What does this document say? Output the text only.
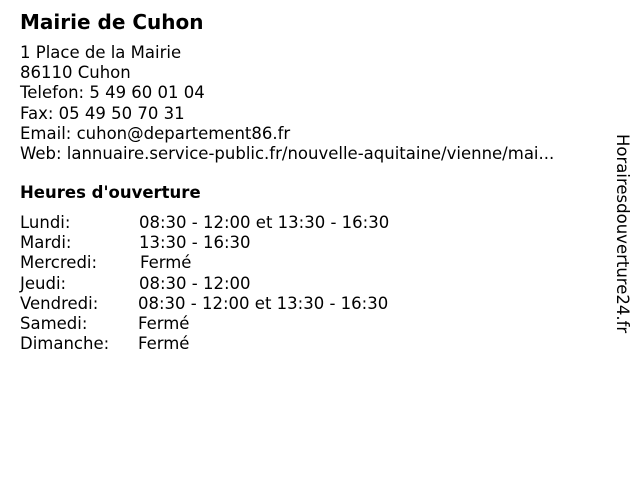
Mairie de Cuhon
1 Place de la Mairie
86110 Cuhon
Telefon: 5 49 60 01 04
Fax: 05 49 50 70 31
Email: cuhon@departement86.fr
Web: lannuaire.service-public.fr/nouvelle-aquitaine/vienne/mai...
Heures d'ouverture
Lundi:	08:30 - 12:00 et 13:30 - 16:30
Mardi:	13:30 - 16:30
Mercredi:	Fermé
Jeudi:	08:30 - 12:00
Vendredi: 08:30 - 12:00 et 13:30 - 16:30
Samedi:	Fermé
Dimanche: Fermé
Horairesdouverture24.fr
